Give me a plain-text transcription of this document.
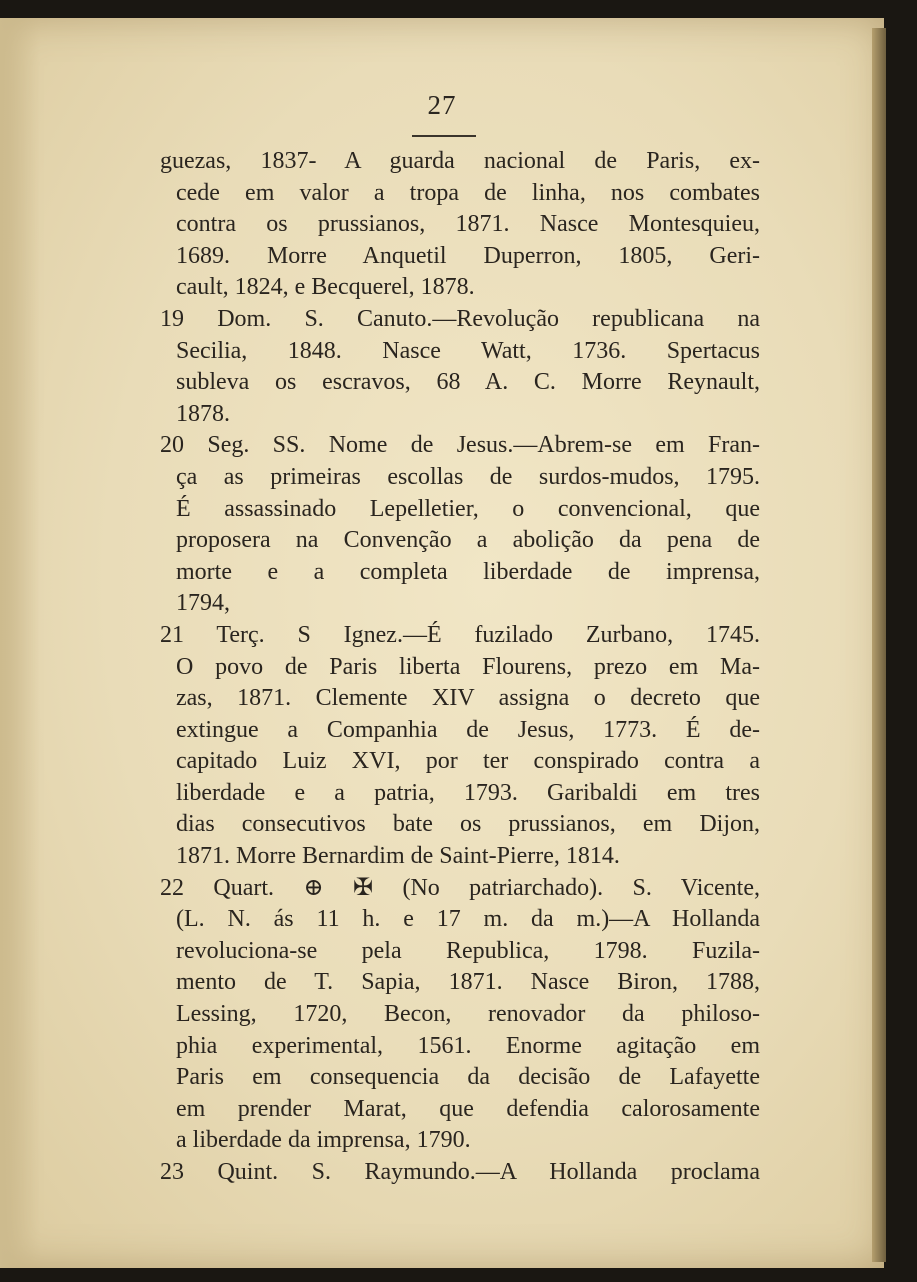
27
guezas, 1837- A guarda nacional de Paris, ex-
cede em valor a tropa de linha, nos combates
contra os prussianos, 1871. Nasce Montesquieu,
1689. Morre Anquetil Duperron, 1805, Geri-
cault, 1824, e Becquerel, 1878.
19 Dom. S. Canuto.—Revolução republicana na
Secilia, 1848. Nasce Watt, 1736. Spertacus
subleva os escravos, 68 A. C. Morre Reynault,
1878.
20 Seg. SS. Nome de Jesus.—Abrem-se em Fran-
ça as primeiras escollas de surdos-mudos, 1795.
É assassinado Lepelletier, o convencional, que
proposera na Convenção a abolição da pena de
morte e a completa liberdade de imprensa,
1794,
21 Terç. S Ignez.—É fuzilado Zurbano, 1745.
O povo de Paris liberta Flourens, prezo em Ma-
zas, 1871. Clemente XIV assigna o decreto que
extingue a Companhia de Jesus, 1773. É de-
capitado Luiz XVI, por ter conspirado contra a
liberdade e a patria, 1793. Garibaldi em tres
dias consecutivos bate os prussianos, em Dijon,
1871. Morre Bernardim de Saint-Pierre, 1814.
22 Quart. ⊕ ✠ (No patriarchado). S. Vicente,
(L. N. ás 11 h. e 17 m. da m.)—A Hollanda
revoluciona-se pela Republica, 1798. Fuzila-
mento de T. Sapia, 1871. Nasce Biron, 1788,
Lessing, 1720, Becon, renovador da philoso-
phia experimental, 1561. Enorme agitação em
Paris em consequencia da decisão de Lafayette
em prender Marat, que defendia calorosamente
a liberdade da imprensa, 1790.
23 Quint. S. Raymundo.—A Hollanda proclama
